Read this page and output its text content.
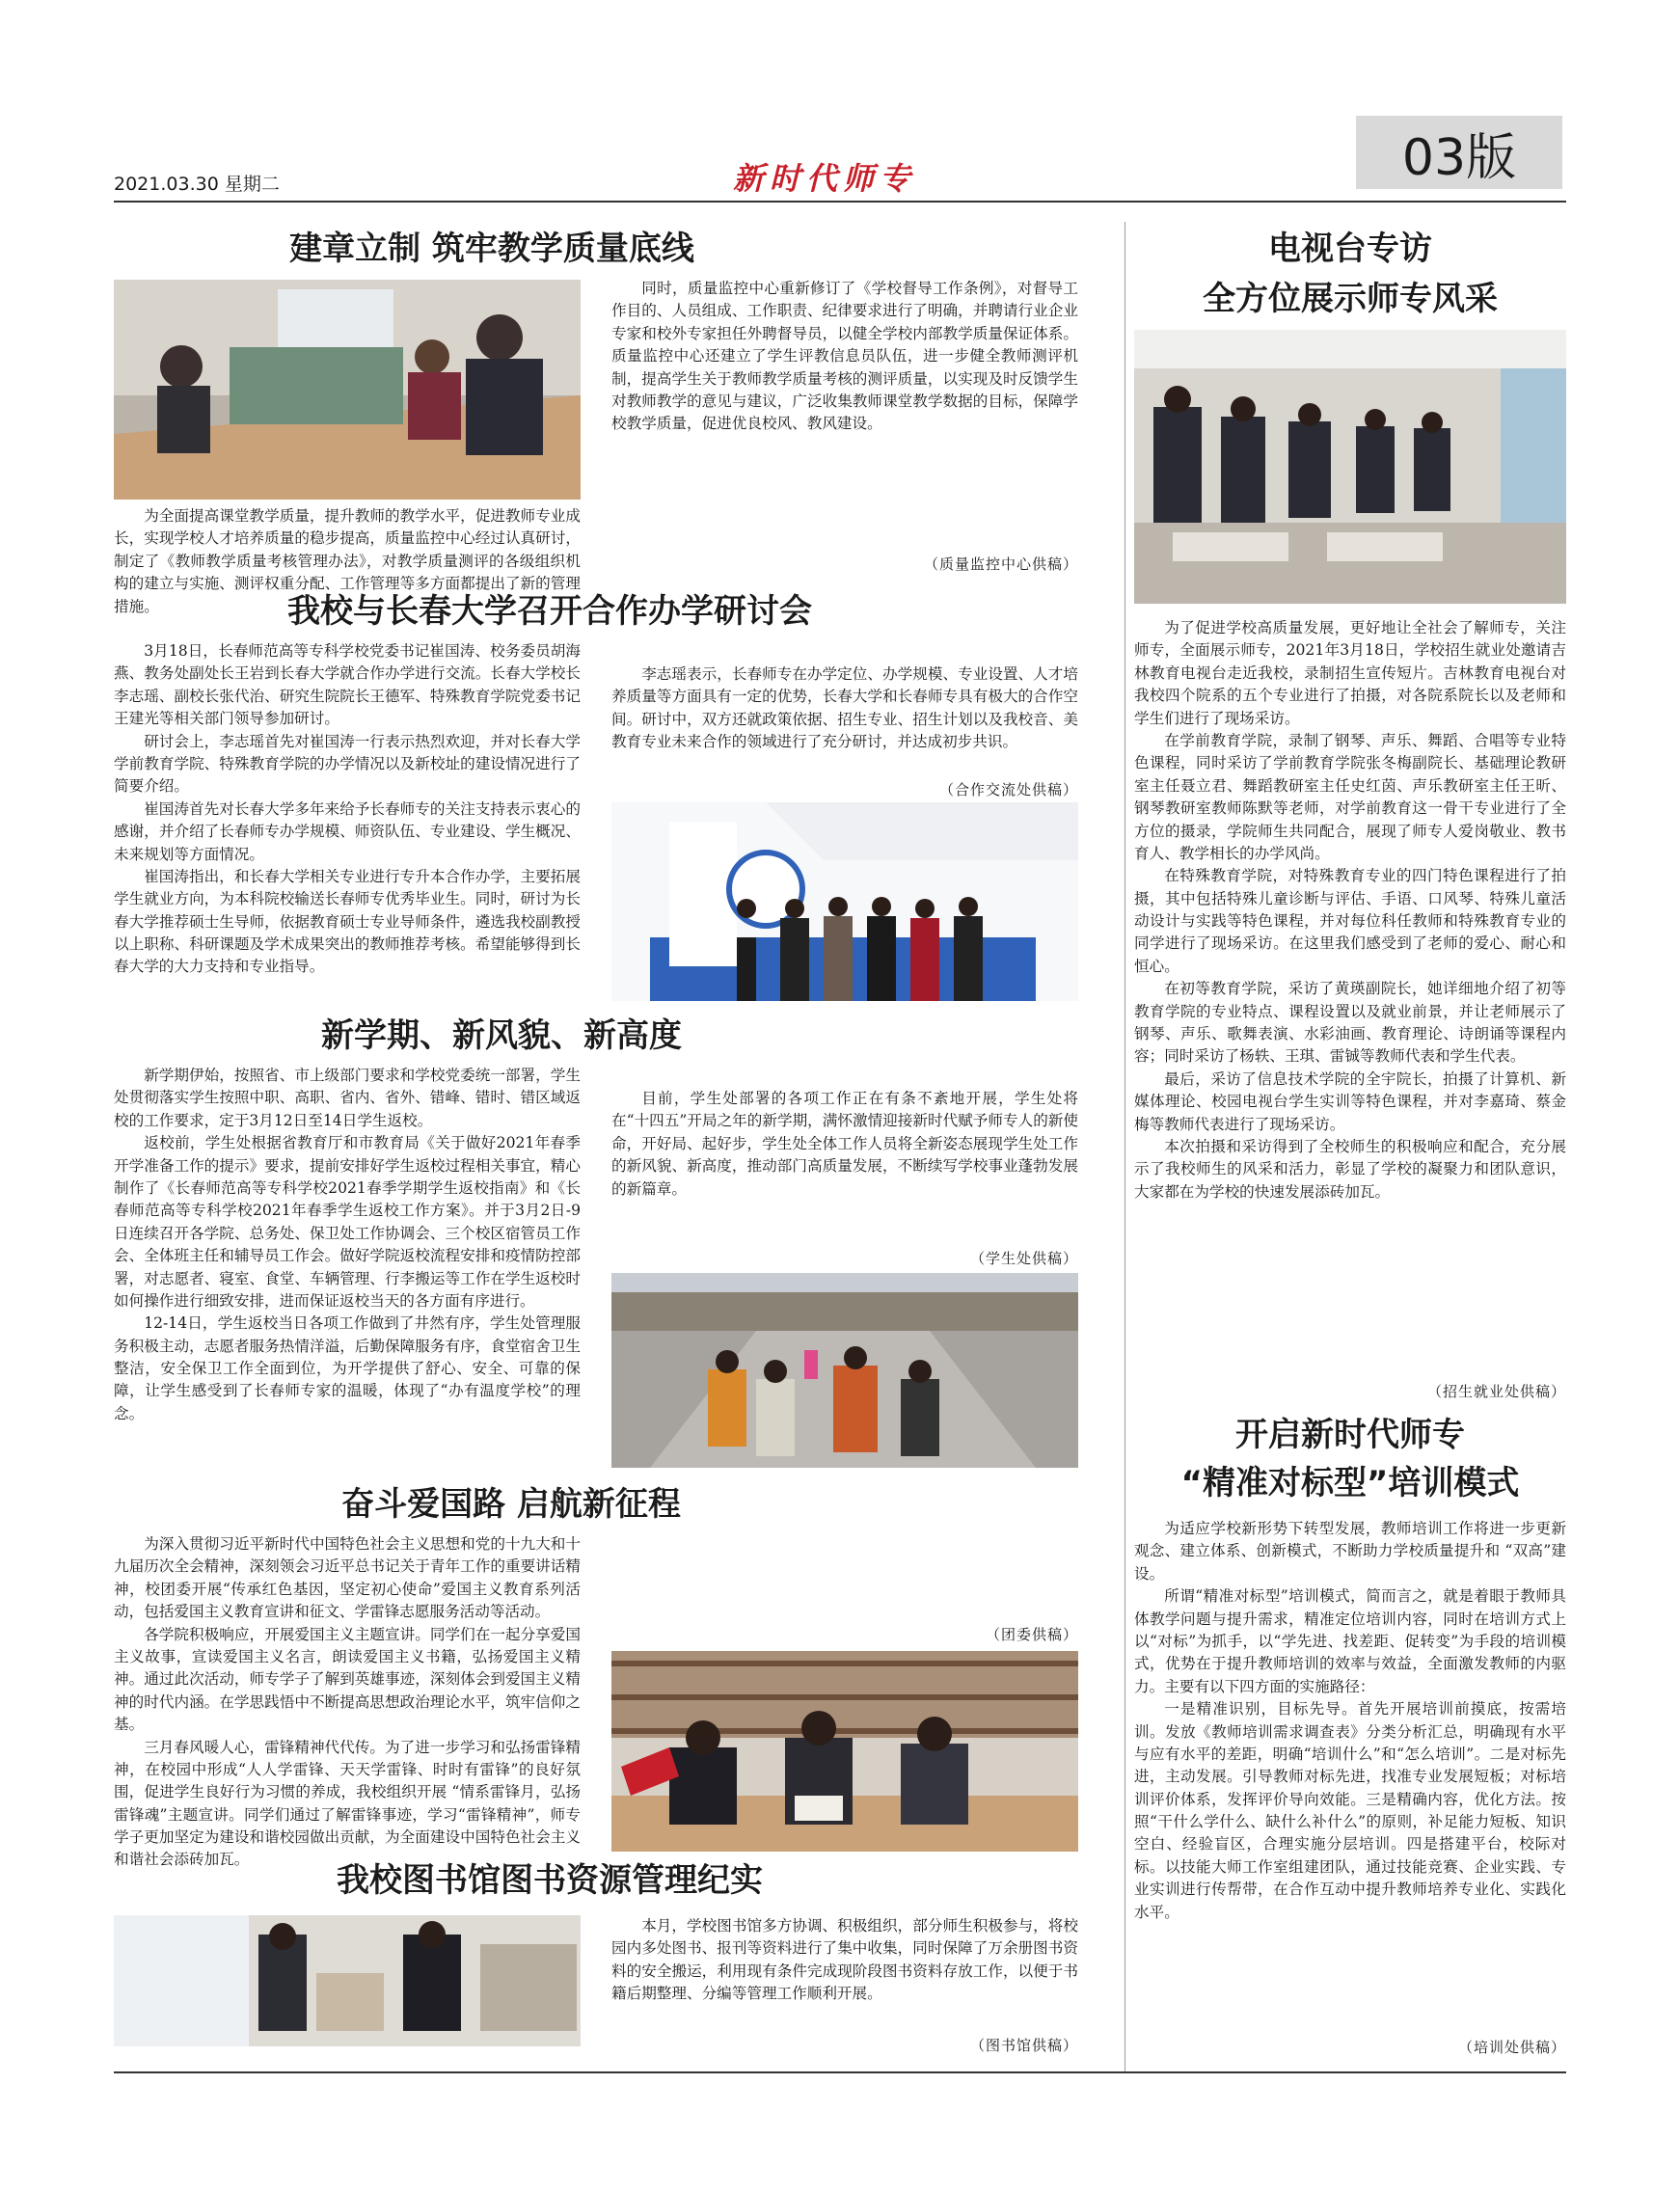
2021.03.30 星期二	新时代师专	03版
建章立制 筑牢教学质量底线

为全面提高课堂教学质量，提升教师的教学水平，促进教师专业成长，实现学校人才培养质量的稳步提高，质量监控中心经过认真研讨，制定了《教师教学质量考核管理办法》，对教学质量测评的各级组织机构的建立与实施、测评权重分配、工作管理等多方面都提出了新的管理措施。

同时，质量监控中心重新修订了《学校督导工作条例》，对督导工作目的、人员组成、工作职责、纪律要求进行了明确，并聘请行业企业专家和校外专家担任外聘督导员，以健全学校内部教学质量保证体系。质量监控中心还建立了学生评教信息员队伍，进一步健全教师测评机制，提高学生关于教师教学质量考核的测评质量，以实现及时反馈学生对教师教学的意见与建议，广泛收集教师课堂教学数据的目标，保障学校教学质量，促进优良校风、教风建设。

（质量监控中心供稿）
我校与长春大学召开合作办学研讨会

3月18日，长春师范高等专科学校党委书记崔国涛、校务委员胡海燕、教务处副处长王岩到长春大学就合作办学进行交流。长春大学校长李志瑶、副校长张代治、研究生院院长王德军、特殊教育学院党委书记王建光等相关部门领导参加研讨。

研讨会上，李志瑶首先对崔国涛一行表示热烈欢迎，并对长春大学学前教育学院、特殊教育学院的办学情况以及新校址的建设情况进行了简要介绍。

崔国涛首先对长春大学多年来给予长春师专的关注支持表示衷心的感谢，并介绍了长春师专办学规模、师资队伍、专业建设、学生概况、未来规划等方面情况。

崔国涛指出，和长春大学相关专业进行专升本合作办学，主要拓展学生就业方向，为本科院校输送长春师专优秀毕业生。同时，研讨为长春大学推荐硕士生导师，依据教育硕士专业导师条件，遴选我校副教授以上职称、科研课题及学术成果突出的教师推荐考核。希望能够得到长春大学的大力支持和专业指导。

李志瑶表示，长春师专在办学定位、办学规模、专业设置、人才培养质量等方面具有一定的优势，长春大学和长春师专具有极大的合作空间。研讨中，双方还就政策依据、招生专业、招生计划以及我校音、美教育专业未来合作的领域进行了充分研讨，并达成初步共识。

（合作交流处供稿）
新学期、新风貌、新高度

新学期伊始，按照省、市上级部门要求和学校党委统一部署，学生处贯彻落实学生按照中职、高职、省内、省外、错峰、错时、错区域返校的工作要求，定于3月12日至14日学生返校。

返校前，学生处根据省教育厅和市教育局《关于做好2021年春季开学准备工作的提示》要求，提前安排好学生返校过程相关事宜，精心制作了《长春师范高等专科学校2021春季学期学生返校指南》和《长春师范高等专科学校2021年春季学生返校工作方案》。并于3月2日-9日连续召开各学院、总务处、保卫处工作协调会、三个校区宿管员工作会、全体班主任和辅导员工作会。做好学院返校流程安排和疫情防控部署，对志愿者、寝室、食堂、车辆管理、行李搬运等工作在学生返校时如何操作进行细致安排，进而保证返校当天的各方面有序进行。

12-14日，学生返校当日各项工作做到了井然有序，学生处管理服务积极主动，志愿者服务热情洋溢，后勤保障服务有序，食堂宿舍卫生整洁，安全保卫工作全面到位，为开学提供了舒心、安全、可靠的保障，让学生感受到了长春师专家的温暖，体现了“办有温度学校”的理念。

目前，学生处部署的各项工作正在有条不紊地开展，学生处将在“十四五”开局之年的新学期，满怀激情迎接新时代赋予师专人的新使命，开好局、起好步，学生处全体工作人员将全新姿态展现学生处工作的新风貌、新高度，推动部门高质量发展，不断续写学校事业蓬勃发展的新篇章。

（学生处供稿）
奋斗爱国路 启航新征程

为深入贯彻习近平新时代中国特色社会主义思想和党的十九大和十九届历次全会精神，深刻领会习近平总书记关于青年工作的重要讲话精神，校团委开展“传承红色基因，坚定初心使命”爱国主义教育系列活动，包括爱国主义教育宣讲和征文、学雷锋志愿服务活动等活动。

各学院积极响应，开展爱国主义主题宣讲。同学们在一起分享爱国主义故事，宣读爱国主义名言，朗读爱国主义书籍，弘扬爱国主义精神。通过此次活动，师专学子了解到英雄事迹，深刻体会到爱国主义精神的时代内涵。在学思践悟中不断提高思想政治理论水平，筑牢信仰之基。

三月春风暖人心，雷锋精神代代传。为了进一步学习和弘扬雷锋精神，在校园中形成“人人学雷锋、天天学雷锋、时时有雷锋”的良好氛围，促进学生良好行为习惯的养成，我校组织开展 “情系雷锋月，弘扬雷锋魂”主题宣讲。同学们通过了解雷锋事迹，学习“雷锋精神”，师专学子更加坚定为建设和谐校园做出贡献，为全面建设中国特色社会主义和谐社会添砖加瓦。

（团委供稿）
我校图书馆图书资源管理纪实

本月，学校图书馆多方协调、积极组织，部分师生积极参与，将校园内多处图书、报刊等资料进行了集中收集，同时保障了万余册图书资料的安全搬运，利用现有条件完成现阶段图书资料存放工作，以便于书籍后期整理、分编等管理工作顺利开展。

（图书馆供稿）
电视台专访
全方位展示师专风采

为了促进学校高质量发展，更好地让全社会了解师专，关注师专，全面展示师专，2021年3月18日，学校招生就业处邀请吉林教育电视台走近我校，录制招生宣传短片。吉林教育电视台对我校四个院系的五个专业进行了拍摄，对各院系院长以及老师和学生们进行了现场采访。

在学前教育学院，录制了钢琴、声乐、舞蹈、合唱等专业特色课程，同时采访了学前教育学院张冬梅副院长、基础理论教研室主任聂立君、舞蹈教研室主任史红茵、声乐教研室主任王昕、钢琴教研室教师陈默等老师，对学前教育这一骨干专业进行了全方位的摄录，学院师生共同配合，展现了师专人爱岗敬业、教书育人、教学相长的办学风尚。

在特殊教育学院，对特殊教育专业的四门特色课程进行了拍摄，其中包括特殊儿童诊断与评估、手语、口风琴、特殊儿童活动设计与实践等特色课程，并对每位科任教师和特殊教育专业的同学进行了现场采访。在这里我们感受到了老师的爱心、耐心和恒心。

在初等教育学院，采访了黄瑛副院长，她详细地介绍了初等教育学院的专业特点、课程设置以及就业前景，并让老师展示了钢琴、声乐、歌舞表演、水彩油画、教育理论、诗朗诵等课程内容；同时采访了杨轶、王琪、雷铖等教师代表和学生代表。

最后，采访了信息技术学院的全宇院长，拍摄了计算机、新媒体理论、校园电视台学生实训等特色课程，并对李嘉琦、蔡金梅等教师代表进行了现场采访。

本次拍摄和采访得到了全校师生的积极响应和配合，充分展示了我校师生的风采和活力，彰显了学校的凝聚力和团队意识，大家都在为学校的快速发展添砖加瓦。

（招生就业处供稿）
开启新时代师专
“精准对标型”培训模式

为适应学校新形势下转型发展，教师培训工作将进一步更新观念、建立体系、创新模式，不断助力学校质量提升和 “双高”建设。

所谓“精准对标型”培训模式，简而言之，就是着眼于教师具体教学问题与提升需求，精准定位培训内容，同时在培训方式上以“对标”为抓手，以“学先进、找差距、促转变”为手段的培训模式，优势在于提升教师培训的效率与效益，全面激发教师的内驱力。主要有以下四方面的实施路径：

一是精准识别，目标先导。首先开展培训前摸底，按需培训。发放《教师培训需求调查表》分类分析汇总，明确现有水平与应有水平的差距，明确“培训什么”和“怎么培训”。二是对标先进，主动发展。引导教师对标先进，找准专业发展短板；对标培训评价体系，发挥评价导向效能。三是精确内容，优化方法。按照“干什么学什么、缺什么补什么”的原则，补足能力短板、知识空白、经验盲区，合理实施分层培训。四是搭建平台，校际对标。以技能大师工作室组建团队，通过技能竞赛、企业实践、专业实训进行传帮带，在合作互动中提升教师培养专业化、实践化水平。

（培训处供稿）
